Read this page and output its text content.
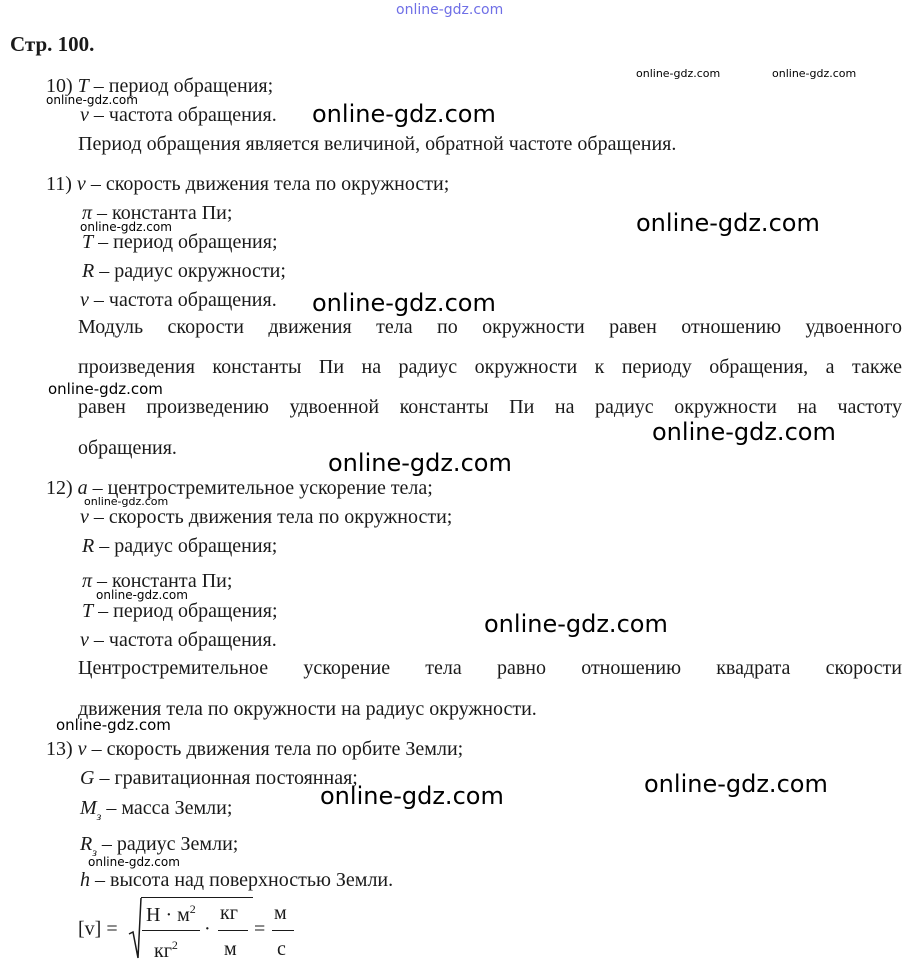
online-gdz.com
Стр. 100.
10) T – период обращения;
ν – частота обращения.
Период обращения является величиной, обратной частоте обращения.
11) v – скорость движения тела по окружности;
π – константа Пи;
T – период обращения;
R – радиус окружности;
ν – частота обращения.
Модуль скорости движения тела по окружности равен отношению удвоенного
произведения константы Пи на радиус окружности к периоду обращения, а также
равен произведению удвоенной константы Пи на радиус окружности на частоту
обращения.
12) a – центростремительное ускорение тела;
v – скорость движения тела по окружности;
R – радиус обращения;
π – константа Пи;
T – период обращения;
ν – частота обращения.
Центростремительное ускорение тела равно отношению квадрата скорости
движения тела по окружности на радиус окружности.
13) v – скорость движения тела по орбите Земли;
G – гравитационная постоянная;
$M_з$ – масса Земли;
$R_з$ – радиус Земли;
h – высота над поверхностью Земли.
[v] =
$Н \cdot м^2$
$кг^2$
·
кг
м
=
м
с
online-gdz.com	online-gdz.com
online-gdz.com
online-gdz.com
online-gdz.com
online-gdz.com
online-gdz.com
online-gdz.com
online-gdz.com
online-gdz.com
online-gdz.com
online-gdz.com
online-gdz.com
online-gdz.com
online-gdz.com
online-gdz.com
online-gdz.com
